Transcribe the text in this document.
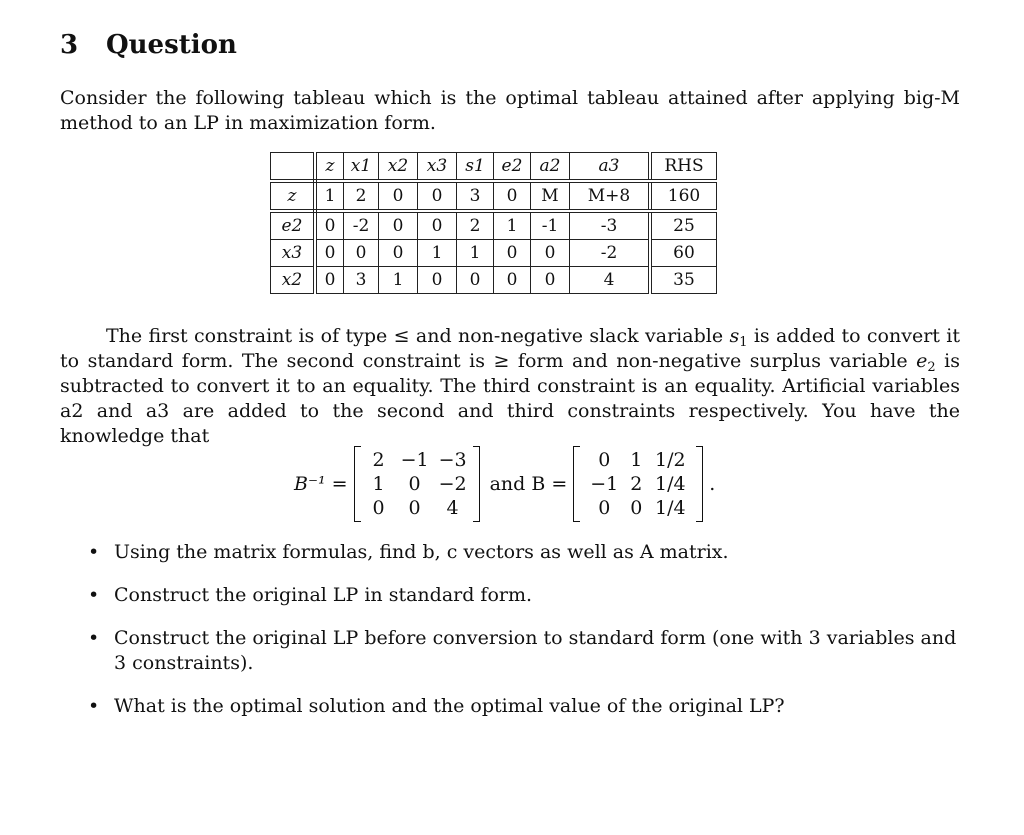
3 Question

Consider the following tableau which is the optimal tableau attained after applying big-M method to an LP in maximization form.

	z	x1	x2	x3	s1	e2	a2	a3	RHS
z	1	2	0	0	3	0	M	M+8	160
e2	0	-2	0	0	2	1	-1	-3	25
x3	0	0	0	1	1	0	0	-2	60
x2	0	3	1	0	0	0	0	4	35

The first constraint is of type ≤ and non-negative slack variable $s_1$ is added to convert it to standard form. The second constraint is ≥ form and non-negative surplus variable $e_2$ is subtracted to convert it to an equality. The third constraint is an equality. Artificial variables a2 and a3 are added to the second and third constraints respectively. You have the knowledge that

B⁻¹ =
2 −1 −3
1	0 −2
0	0	4
and B =
0	1 1/2
−1 2 1/4
0	0 1/4
.
• Using the matrix formulas, find b, c vectors as well as A matrix.
• Construct the original LP in standard form.
• Construct the original LP before conversion to standard form (one with 3 variables and 3 constraints).
• What is the optimal solution and the optimal value of the original LP?
